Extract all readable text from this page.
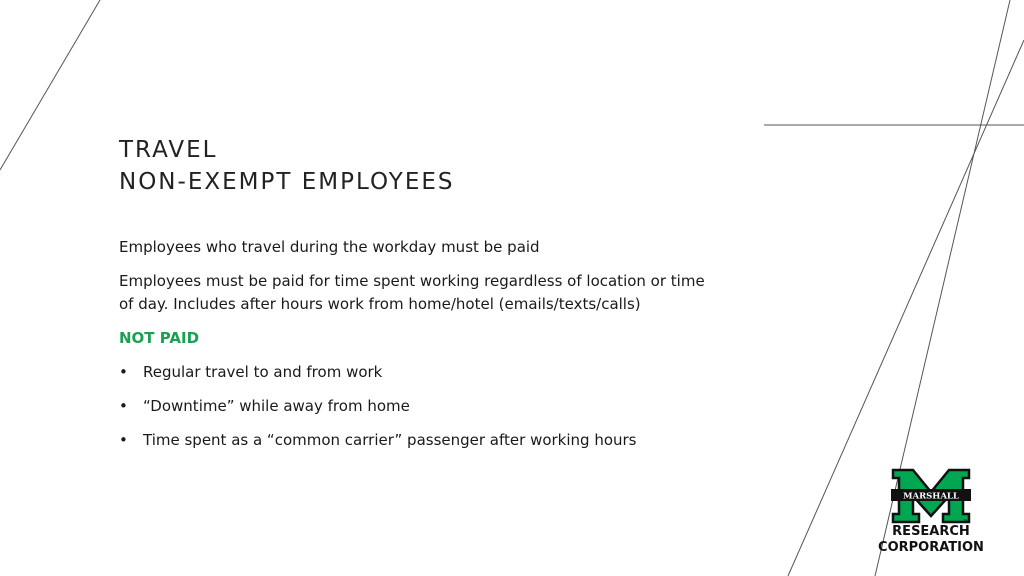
TRAVEL
NON-EXEMPT EMPLOYEES

Employees who travel during the workday must be paid

Employees must be paid for time spent working regardless of location or time of day. Includes after hours work from home/hotel (emails/texts/calls)

NOT PAID

• Regular travel to and from work
• “Downtime” while away from home
• Time spent as a “common carrier” passenger after working hours
MARSHALL
TM
RESEARCH
CORPORATION
